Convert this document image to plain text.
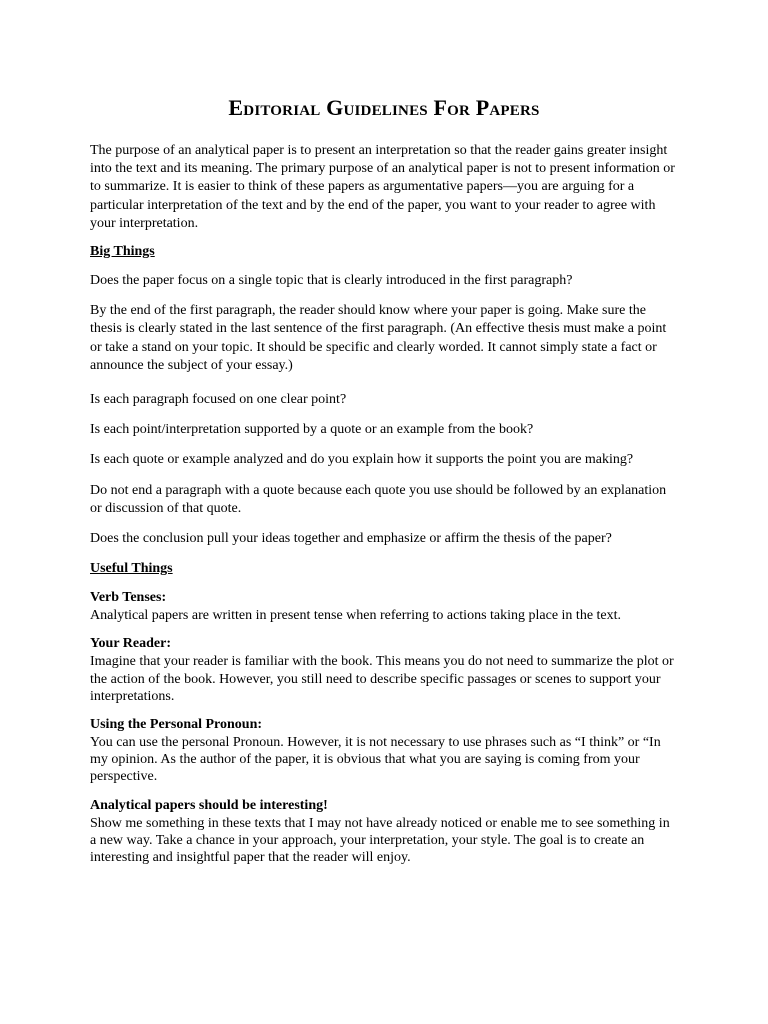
Editorial Guidelines For Papers

The purpose of an analytical paper is to present an interpretation so that the reader gains greater insight into the text and its meaning. The primary purpose of an analytical paper is not to present information or to summarize. It is easier to think of these papers as argumentative papers—you are arguing for a particular interpretation of the text and by the end of the paper, you want to your reader to agree with your interpretation.

Big Things

Does the paper focus on a single topic that is clearly introduced in the first paragraph?

By the end of the first paragraph, the reader should know where your paper is going. Make sure the thesis is clearly stated in the last sentence of the first paragraph. (An effective thesis must make a point or take a stand on your topic. It should be specific and clearly worded. It cannot simply state a fact or announce the subject of your essay.)

Is each paragraph focused on one clear point?

Is each point/interpretation supported by a quote or an example from the book?

Is each quote or example analyzed and do you explain how it supports the point you are making?

Do not end a paragraph with a quote because each quote you use should be followed by an explanation or discussion of that quote.

Does the conclusion pull your ideas together and emphasize or affirm the thesis of the paper?

Useful Things

Verb Tenses:

Analytical papers are written in present tense when referring to actions taking place in the text.

Your Reader:

Imagine that your reader is familiar with the book. This means you do not need to summarize the plot or the action of the book. However, you still need to describe specific passages or scenes to support your interpretations.

Using the Personal Pronoun:

You can use the personal Pronoun. However, it is not necessary to use phrases such as “I think” or “In my opinion. As the author of the paper, it is obvious that what you are saying is coming from your perspective.

Analytical papers should be interesting!

Show me something in these texts that I may not have already noticed or enable me to see something in a new way. Take a chance in your approach, your interpretation, your style. The goal is to create an interesting and insightful paper that the reader will enjoy.
